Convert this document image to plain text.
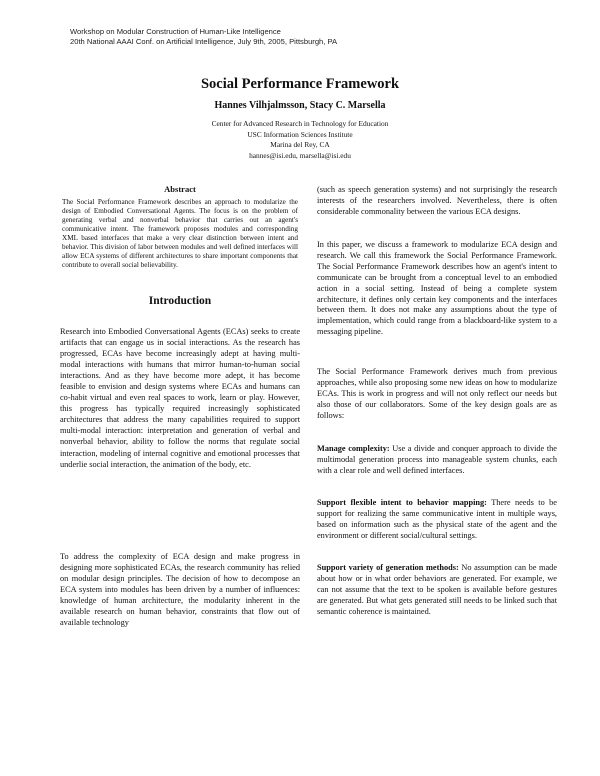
Workshop on Modular Construction of Human-Like Intelligence
20th National AAAI Conf. on Artificial Intelligence, July 9th, 2005, Pittsburgh, PA
Social Performance Framework
Hannes Vilhjalmsson, Stacy C. Marsella
Center for Advanced Research in Technology for Education
USC Information Sciences Institute
Marina del Rey, CA
hannes@isi.edu, marsella@isi.edu
Abstract
The Social Performance Framework describes an approach to modularize the design of Embodied Conversational Agents. The focus is on the problem of generating verbal and nonverbal behavior that carries out an agent's communicative intent. The framework proposes modules and corresponding XML based interfaces that make a very clear distinction between intent and behavior. This division of labor between modules and well defined interfaces will allow ECA systems of different architectures to share important components that contribute to overall social believability.
Introduction
Research into Embodied Conversational Agents (ECAs) seeks to create artifacts that can engage us in social interactions. As the research has progressed, ECAs have become increasingly adept at having multi-modal interactions with humans that mirror human-to-human social interactions. And as they have become more adept, it has become feasible to envision and design systems where ECAs and humans can co-habit virtual and even real spaces to work, learn or play. However, this progress has typically required increasingly sophisticated architectures that address the many capabilities required to support multi-modal interaction: interpretation and generation of verbal and nonverbal behavior, ability to follow the norms that regulate social interaction, modeling of internal cognitive and emotional processes that underlie social interaction, the animation of the body, etc.
To address the complexity of ECA design and make progress in designing more sophisticated ECAs, the research community has relied on modular design principles. The decision of how to decompose an ECA system into modules has been driven by a number of influences: knowledge of human architecture, the modularity inherent in the available research on human behavior, constraints that flow out of available technology
(such as speech generation systems) and not surprisingly the research interests of the researchers involved. Nevertheless, there is often considerable commonality between the various ECA designs.
In this paper, we discuss a framework to modularize ECA design and research. We call this framework the Social Performance Framework. The Social Performance Framework describes how an agent's intent to communicate can be brought from a conceptual level to an embodied action in a social setting. Instead of being a complete system architecture, it defines only certain key components and the interfaces between them. It does not make any assumptions about the type of implementation, which could range from a blackboard-like system to a messaging pipeline.
The Social Performance Framework derives much from previous approaches, while also proposing some new ideas on how to modularize ECAs. This is work in progress and will not only reflect our needs but also those of our collaborators. Some of the key design goals are as follows:

Manage complexity: Use a divide and conquer approach to divide the multimodal generation process into manageable system chunks, each with a clear role and well defined interfaces.

Support flexible intent to behavior mapping: There needs to be support for realizing the same communicative intent in multiple ways, based on information such as the physical state of the agent and the environment or different social/cultural settings.

Support variety of generation methods: No assumption can be made about how or in what order behaviors are generated. For example, we can not assume that the text to be spoken is available before gestures are generated. But what gets generated still needs to be linked such that semantic coherence is maintained.
